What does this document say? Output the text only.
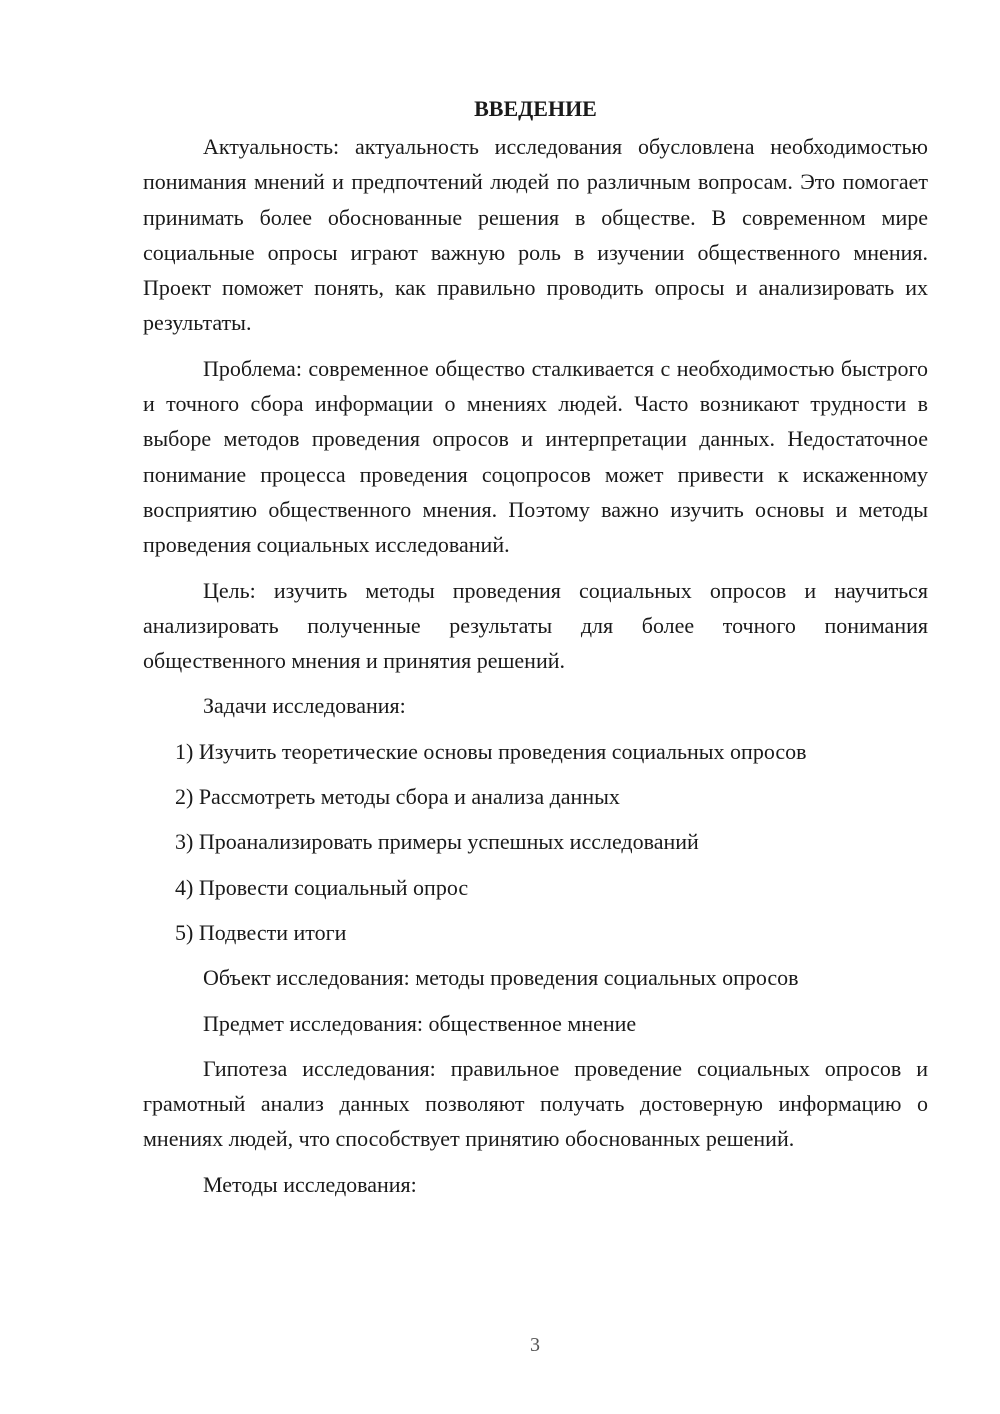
ВВЕДЕНИЕ

Актуальность: актуальность исследования обусловлена необходимостью понимания мнений и предпочтений людей по различным вопросам. Это помогает принимать более обоснованные решения в обществе. В современном мире социальные опросы играют важную роль в изучении общественного мнения. Проект поможет понять, как правильно проводить опросы и анализировать их результаты.

Проблема: современное общество сталкивается с необходимостью быстрого и точного сбора информации о мнениях людей. Часто возникают трудности в выборе методов проведения опросов и интерпретации данных. Недостаточное понимание процесса проведения соцопросов может привести к искаженному восприятию общественного мнения. Поэтому важно изучить основы и методы проведения социальных исследований.

Цель: изучить методы проведения социальных опросов и научиться анализировать полученные результаты для более точного понимания общественного мнения и принятия решений.

Задачи исследования:

1) Изучить теоретические основы проведения социальных опросов

2) Рассмотреть методы сбора и анализа данных

3) Проанализировать примеры успешных исследований

4) Провести социальный опрос

5) Подвести итоги

Объект исследования: методы проведения социальных опросов

Предмет исследования: общественное мнение

Гипотеза исследования: правильное проведение социальных опросов и грамотный анализ данных позволяют получать достоверную информацию о мнениях людей, что способствует принятию обоснованных решений.

Методы исследования:

3
